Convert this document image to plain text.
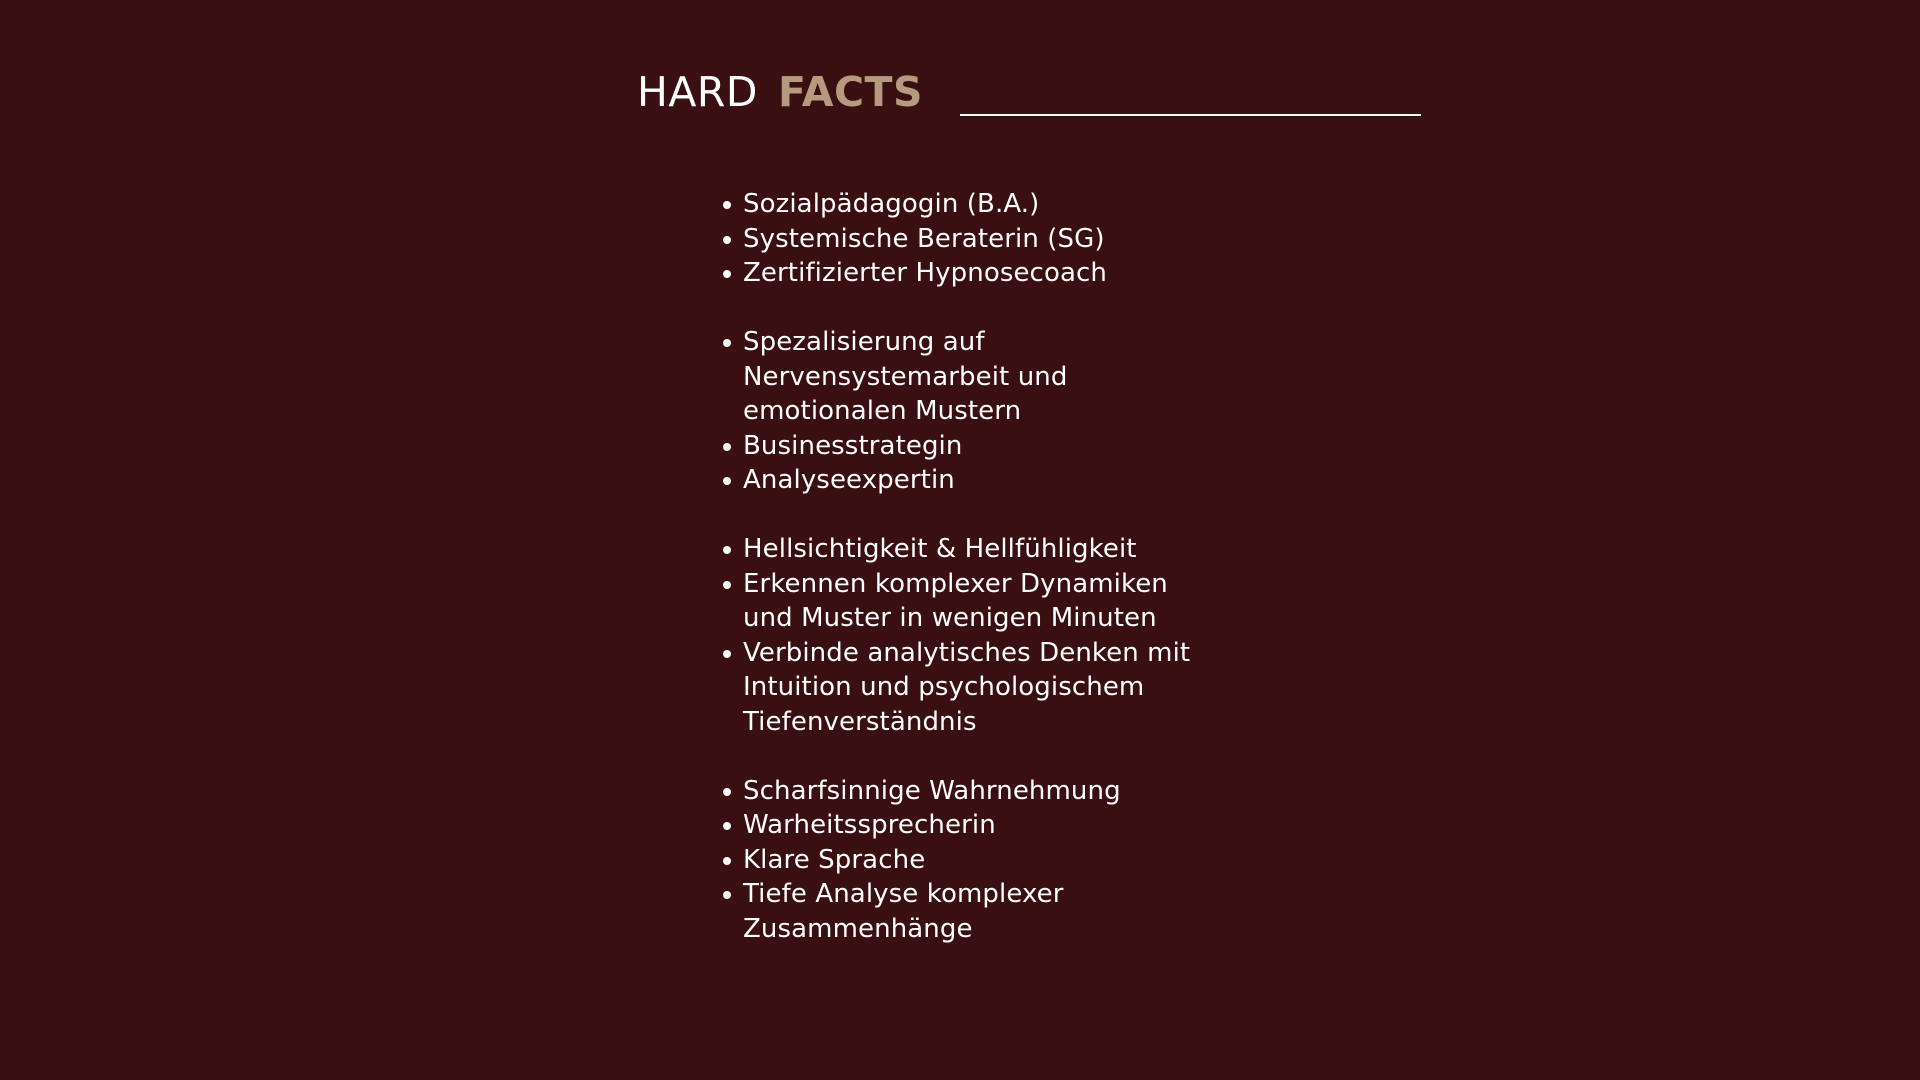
HARD FACTS
Sozialpädagogin (B.A.)
Systemische Beraterin (SG)
Zertifizierter Hypnosecoach
Spezalisierung auf Nervensystemarbeit und emotionalen Mustern
Businesstrategin
Analyseexpertin
Hellsichtigkeit & Hellfühligkeit
Erkennen komplexer Dynamiken und Muster in wenigen Minuten
Verbinde analytisches Denken mit Intuition und psychologischem Tiefenverständnis
Scharfsinnige Wahrnehmung
Warheitssprecherin
Klare Sprache
Tiefe Analyse komplexer Zusammenhänge
